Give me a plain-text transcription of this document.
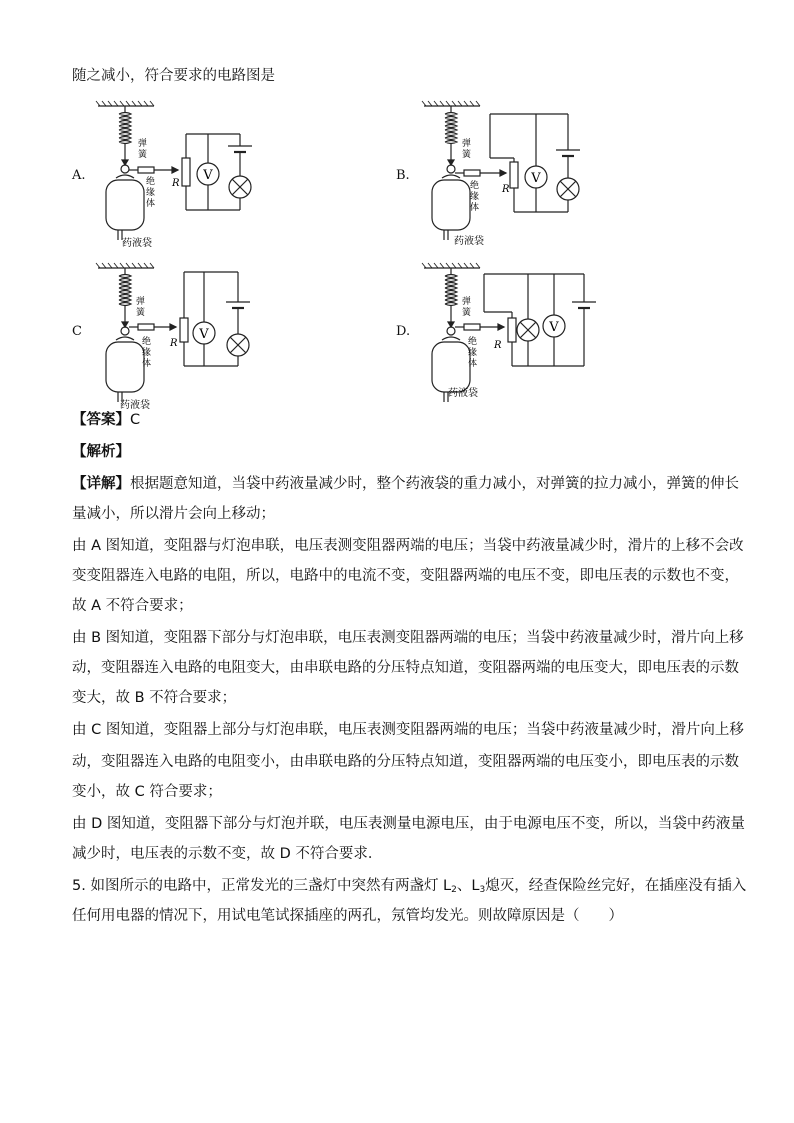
随之减小，符合要求的电路图是
A.	B.
C	D.
V
R
弹簧
绝缘体
药液袋
V
R
弹簧
绝缘体
药液袋
V
R
弹簧
绝缘体
药液袋
V
R
弹簧
绝缘体
药液袋
【答案】C
【解析】
【详解】根据题意知道，当袋中药液量减少时，整个药液袋的重力减小，对弹簧的拉力减小，弹簧的伸长
量减小，所以滑片会向上移动；
由 A 图知道，变阻器与灯泡串联，电压表测变阻器两端的电压；当袋中药液量减少时，滑片的上移不会改
变变阻器连入电路的电阻，所以，电路中的电流不变，变阻器两端的电压不变，即电压表的示数也不变，
故 A 不符合要求；
由 B 图知道，变阻器下部分与灯泡串联，电压表测变阻器两端的电压；当袋中药液量减少时，滑片向上移
动，变阻器连入电路的电阻变大，由串联电路的分压特点知道，变阻器两端的电压变大，即电压表的示数
变大，故 B 不符合要求；
由 C 图知道，变阻器上部分与灯泡串联，电压表测变阻器两端的电压；当袋中药液量减少时，滑片向上移
动，变阻器连入电路的电阻变小，由串联电路的分压特点知道，变阻器两端的电压变小，即电压表的示数
变小，故 C 符合要求；
由 D 图知道，变阻器下部分与灯泡并联，电压表测量电源电压，由于电源电压不变，所以，当袋中药液量
减少时，电压表的示数不变，故 D 不符合要求．
5. 如图所示的电路中，正常发光的三盏灯中突然有两盏灯 $L_2$、$L_3$熄灭，经查保险丝完好，在插座没有插入
任何用电器的情况下，用试电笔试探插座的两孔，氖管均发光。则故障原因是（　　）
